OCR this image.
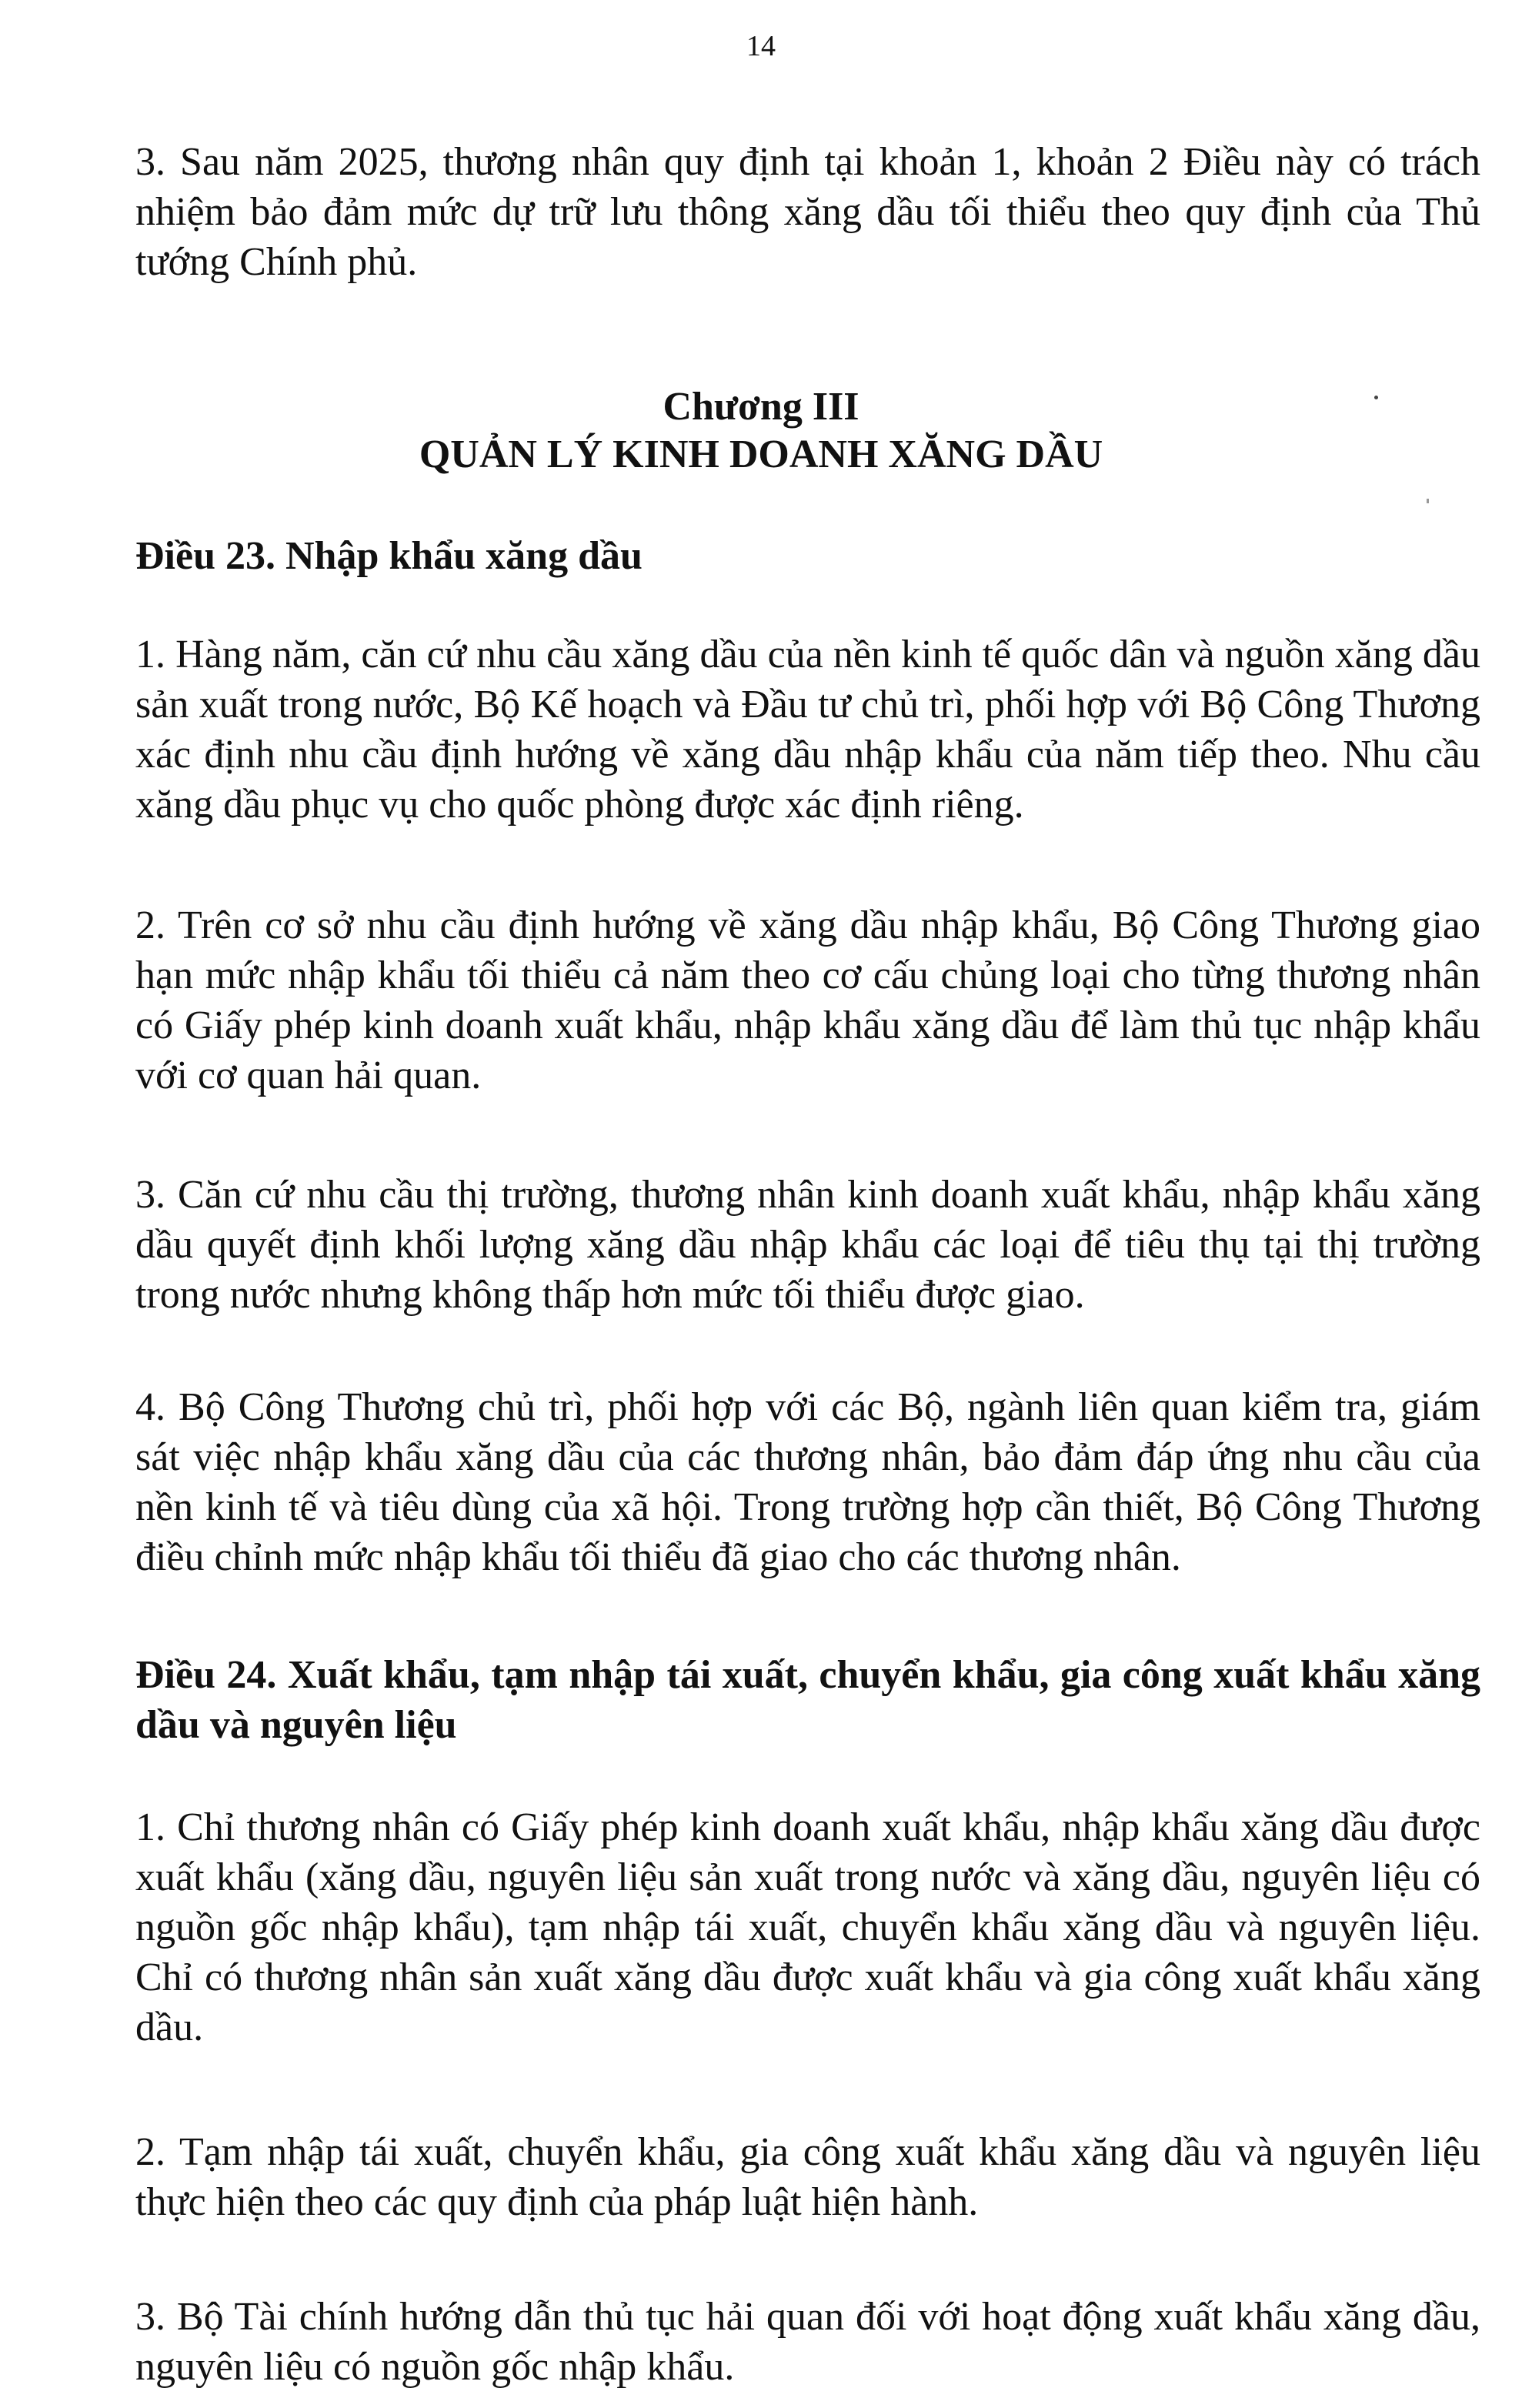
14

3. Sau năm 2025, thương nhân quy định tại khoản 1, khoản 2 Điều này có trách nhiệm bảo đảm mức dự trữ lưu thông xăng dầu tối thiểu theo quy định của Thủ tướng Chính phủ.

Chương III

QUẢN LÝ KINH DOANH XĂNG DẦU

Điều 23. Nhập khẩu xăng dầu

1. Hàng năm, căn cứ nhu cầu xăng dầu của nền kinh tế quốc dân và nguồn xăng dầu sản xuất trong nước, Bộ Kế hoạch và Đầu tư chủ trì, phối hợp với Bộ Công Thương xác định nhu cầu định hướng về xăng dầu nhập khẩu của năm tiếp theo. Nhu cầu xăng dầu phục vụ cho quốc phòng được xác định riêng.

2. Trên cơ sở nhu cầu định hướng về xăng dầu nhập khẩu, Bộ Công Thương giao hạn mức nhập khẩu tối thiểu cả năm theo cơ cấu chủng loại cho từng thương nhân có Giấy phép kinh doanh xuất khẩu, nhập khẩu xăng dầu để làm thủ tục nhập khẩu với cơ quan hải quan.

3. Căn cứ nhu cầu thị trường, thương nhân kinh doanh xuất khẩu, nhập khẩu xăng dầu quyết định khối lượng xăng dầu nhập khẩu các loại để tiêu thụ tại thị trường trong nước nhưng không thấp hơn mức tối thiểu được giao.

4. Bộ Công Thương chủ trì, phối hợp với các Bộ, ngành liên quan kiểm tra, giám sát việc nhập khẩu xăng dầu của các thương nhân, bảo đảm đáp ứng nhu cầu của nền kinh tế và tiêu dùng của xã hội. Trong trường hợp cần thiết, Bộ Công Thương điều chỉnh mức nhập khẩu tối thiểu đã giao cho các thương nhân.

Điều 24. Xuất khẩu, tạm nhập tái xuất, chuyển khẩu, gia công xuất khẩu xăng dầu và nguyên liệu

1. Chỉ thương nhân có Giấy phép kinh doanh xuất khẩu, nhập khẩu xăng dầu được xuất khẩu (xăng dầu, nguyên liệu sản xuất trong nước và xăng dầu, nguyên liệu có nguồn gốc nhập khẩu), tạm nhập tái xuất, chuyển khẩu xăng dầu và nguyên liệu. Chỉ có thương nhân sản xuất xăng dầu được xuất khẩu và gia công xuất khẩu xăng dầu.

2. Tạm nhập tái xuất, chuyển khẩu, gia công xuất khẩu xăng dầu và nguyên liệu thực hiện theo các quy định của pháp luật hiện hành.

3. Bộ Tài chính hướng dẫn thủ tục hải quan đối với hoạt động xuất khẩu xăng dầu, nguyên liệu có nguồn gốc nhập khẩu.
